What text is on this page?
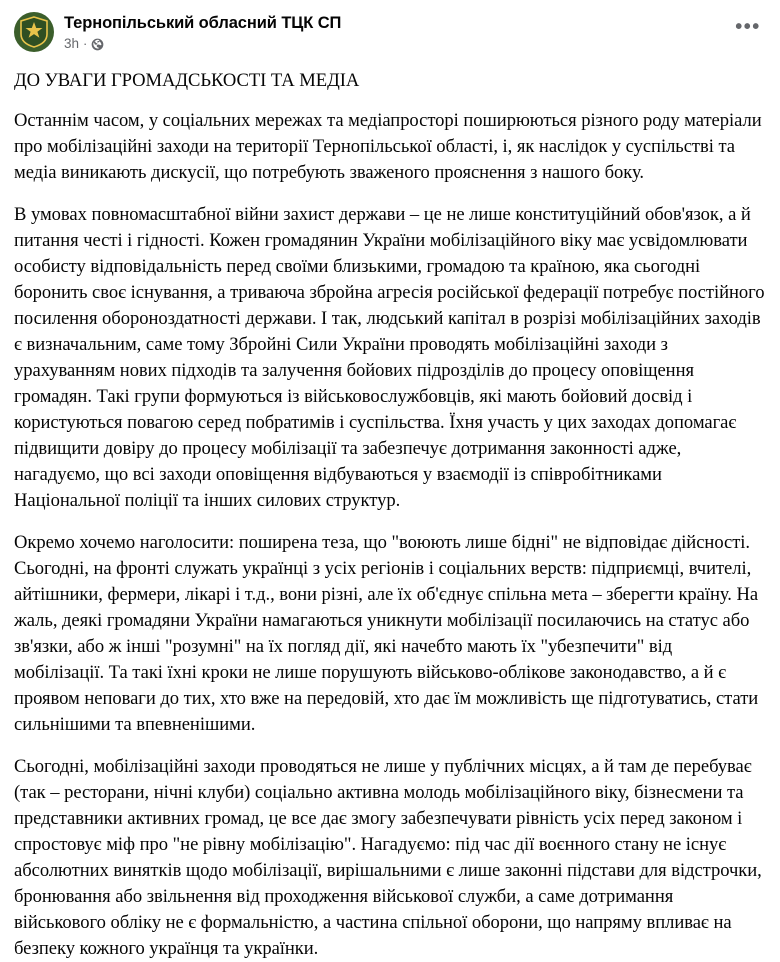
Тернопільський обласний ТЦК СП
3h ·
•••

ДО УВАГИ ГРОМАДСЬКОСТІ ТА МЕДІА

Останнім часом, у соціальних мережах та медіапросторі поширюються різного роду матеріали про мобілізаційні заходи на території Тернопільської області, і, як наслідок у суспільстві та медіа виникають дискусії, що потребують зваженого прояснення з нашого боку.

В умовах повномасштабної війни захист держави – це не лише конституційний обов'язок, а й питання честі і гідності. Кожен громадянин України мобілізаційного віку має усвідомлювати особисту відповідальність перед своїми близькими, громадою та країною, яка сьогодні боронить своє існування, а триваюча збройна агресія російської федерації потребує постійного посилення обороноздатності держави. І так, людський капітал в розрізі мобілізаційних заходів є визначальним, саме тому Збройні Сили України проводять мобілізаційні заходи з урахуванням нових підходів та залучення бойових підрозділів до процесу оповіщення громадян. Такі групи формуються із військовослужбовців, які мають бойовий досвід і користуються повагою серед побратимів і суспільства. Їхня участь у цих заходах допомагає підвищити довіру до процесу мобілізації та забезпечує дотримання законності адже, нагадуємо, що всі заходи оповіщення відбуваються у взаємодії із співробітниками Національної поліції та інших силових структур.

Окремо хочемо наголосити: поширена теза, що "воюють лише бідні" не відповідає дійсності. Сьогодні, на фронті служать українці з усіх регіонів і соціальних верств: підприємці, вчителі, айтішники, фермери, лікарі і т.д., вони різні, але їх об'єднує спільна мета – зберегти країну. На жаль, деякі громадяни України намагаються уникнути мобілізації посилаючись на статус або зв'язки, або ж інші "розумні" на їх погляд дії, які начебто мають їх "убезпечити" від мобілізації. Та такі їхні кроки не лише порушують військово-облікове законодавство, а й є проявом неповаги до тих, хто вже на передовій, хто дає їм можливість ще підготуватись, стати сильнішими та впевненішими.

Сьогодні, мобілізаційні заходи проводяться не лише у публічних місцях, а й там де перебуває (так – ресторани, нічні клуби) соціально активна молодь мобілізаційного віку, бізнесмени та представники активних громад, це все дає змогу забезпечувати рівність усіх перед законом і спростовує міф про "не рівну мобілізацію". Нагадуємо: під час дії воєнного стану не існує абсолютних винятків щодо мобілізації, вирішальними є лише законні підстави для відстрочки, бронювання або звільнення від проходження військової служби, а саме дотримання військового обліку не є формальністю, а частина спільної оборони, що напряму впливає на безпеку кожного українця та українки.
